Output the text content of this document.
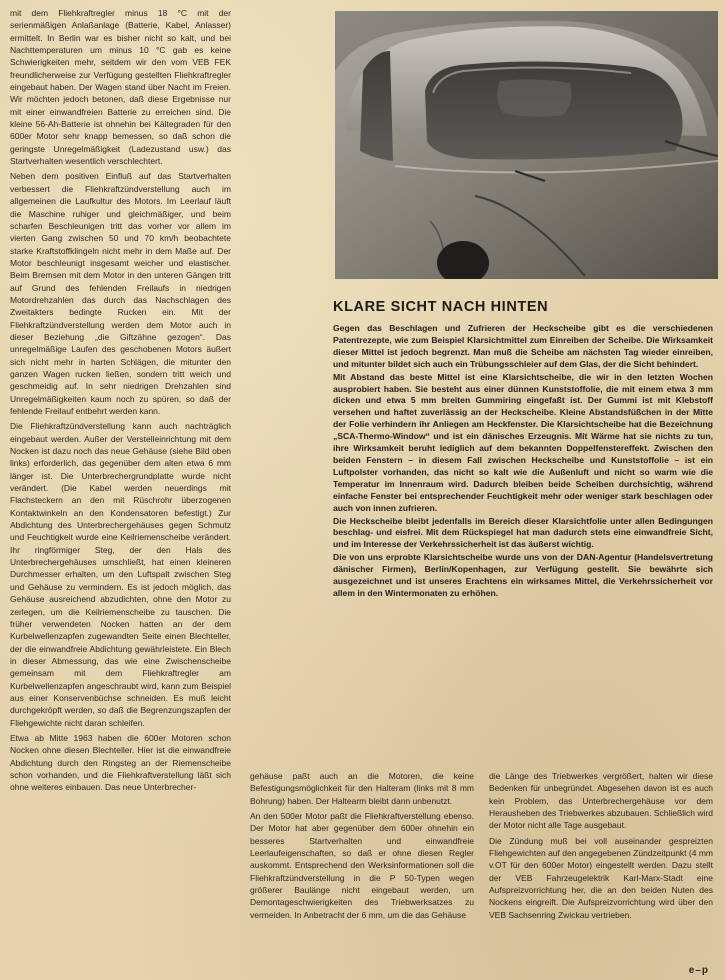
mit dem Fliehkraftregler minus 18 °C mit der serienmäßigen Anlaßanlage (Batterie, Kabel, Anlasser) ermittelt. In Berlin war es bisher nicht so kalt, und bei Nachttemperaturen um minus 10 °C gab es keine Schwierigkeiten mehr, seitdem wir den vom VEB FEK freundlicherweise zur Verfügung gestellten Fliehkraftregler eingebaut haben. Der Wagen stand über Nacht im Freien. Wir möchten jedoch betonen, daß diese Ergebnisse nur mit einer einwandfreien Batterie zu erreichen sind. Die kleine 56-Ah-Batterie ist ohnehin bei Kältegraden für den 600er Motor sehr knapp bemessen, so daß schon die geringste Unregelmäßigkeit (Ladezustand usw.) das Startverhalten wesentlich verschlechtert.

Neben dem positiven Einfluß auf das Startverhalten verbessert die Fliehkraftzündverstellung auch im allgemeinen die Laufkultur des Motors. Im Leerlauf läuft die Maschine ruhiger und gleichmäßiger, und beim scharfen Beschleunigen tritt das vorher vor allem im vierten Gang zwischen 50 und 70 km/h beobachtete starke Kraftstoffklingeln nicht mehr in dem Maße auf. Der Motor beschleunigt insgesamt weicher und elastischer. Beim Bremsen mit dem Motor in den unteren Gängen tritt auf Grund des fehlenden Freilaufs in niedrigen Motordrehzahlen das durch das Nachschlagen des Zweitakters bedingte Rucken ein. Mit der Fliehkraftzündverstellung werden dem Motor auch in dieser Beziehung „die Giftzähne gezogen“. Das unregelmäßige Laufen des geschobenen Motors äußert sich nicht mehr in harten Schlägen, die mitunter den ganzen Wagen rucken ließen, sondern tritt weich und geschmeidig auf. In sehr niedrigen Drehzahlen sind Unregelmäßigkeiten kaum noch zu spüren, so daß der fehlende Freilauf entbehrt werden kann.

Die Fliehkraftzündverstellung kann auch nachträglich eingebaut werden. Außer der Verstelleinrichtung mit dem Nocken ist dazu noch das neue Gehäuse (siehe Bild oben links) erforderlich, das gegenüber dem alten etwa 6 mm länger ist. Die Unterbrechergrundplatte wurde nicht verändert. (Die Kabel werden neuerdings mit Flachsteckern an den mit Rüschrohr überzogenen Kontaktwinkeln an den Kondensatoren befestigt.) Zur Abdichtung des Unterbrechergehäuses gegen Schmutz und Feuchtigkeit wurde eine Keilriemenscheibe verändert. Ihr ringförmiger Steg, der den Hals des Unterbrechergehäuses umschließt, hat einen kleineren Durchmesser erhalten, um den Luftspalt zwischen Steg und Gehäuse zu vermindern. Es ist jedoch möglich, das Gehäuse ausreichend abzudichten, ohne den Motor zu zerlegen, um die Keilriemenscheibe zu tauschen. Die früher verwendeten Nocken hatten an der dem Kurbelwellenzapfen zugewandten Seite einen Blechteller, der die einwandfreie Abdichtung gewährleistete. Ein Blech in dieser Abmessung, das wie eine Zwischenscheibe gemeinsam mit dem Fliehkraftregler am Kurbelwellenzapfen angeschraubt wird, kann zum Beispiel aus einer Konservenbüchse schneiden. Es muß leicht durchgekröpft werden, so daß die Begrenzungszapfen der Fliehgewichte nicht daran schleifen.

Etwa ab Mitte 1963 haben die 600er Motoren schon Nocken ohne diesen Blechteller. Hier ist die einwandfreie Abdichtung durch den Ringsteg an der Riemenscheibe schon vorhanden, und die Fliehkraftverstellung läßt sich ohne weiteres einbauen. Das neue Unterbrecher-

KLARE SICHT NACH HINTEN

Gegen das Beschlagen und Zufrieren der Heckscheibe gibt es die verschiedenen Patentrezepte, wie zum Beispiel Klarsichtmittel zum Einreiben der Scheibe. Die Wirksamkeit dieser Mittel ist jedoch begrenzt. Man muß die Scheibe am nächsten Tag wieder einreiben, und mitunter bildet sich auch ein Trübungsschleier auf dem Glas, der die Sicht behindert.

Mit Abstand das beste Mittel ist eine Klarsichtscheibe, die wir in den letzten Wochen ausprobiert haben. Sie besteht aus einer dünnen Kunststoffolie, die mit einem etwa 3 mm dicken und etwa 5 mm breiten Gummiring eingefaßt ist. Der Gummi ist mit Klebstoff versehen und haftet zuverlässig an der Heckscheibe. Kleine Abstandsfüßchen in der Mitte der Folie verhindern ihr Anliegen am Heckfenster. Die Klarsichtscheibe hat die Bezeichnung „SCA-Thermo-Window“ und ist ein dänisches Erzeugnis. Mit Wärme hat sie nichts zu tun, ihre Wirksamkeit beruht lediglich auf dem bekannten Doppelfenstereffekt. Zwischen den beiden Fenstern – in diesem Fall zwischen Heckscheibe und Kunststoffolie – ist ein Luftpolster vorhanden, das nicht so kalt wie die Außenluft und nicht so warm wie die Temperatur im Innenraum wird. Dadurch bleiben beide Scheiben durchsichtig, während einfache Fenster bei entsprechender Feuchtigkeit mehr oder weniger stark beschlagen oder auch von innen zufrieren.

Die Heckscheibe bleibt jedenfalls im Bereich dieser Klarsichtfolie unter allen Bedingungen beschlag- und eisfrei. Mit dem Rückspiegel hat man dadurch stets eine einwandfreie Sicht, und im Interesse der Verkehrssicherheit ist das äußerst wichtig.

Die von uns erprobte Klarsichtscheibe wurde uns von der DAN-Agentur (Handelsvertretung dänischer Firmen), Berlin/Kopenhagen, zur Verfügung gestellt. Sie bewährte sich ausgezeichnet und ist unseres Erachtens ein wirksames Mittel, die Verkehrssicherheit vor allem in den Wintermonaten zu erhöhen.

gehäuse paßt auch an die Motoren, die keine Befestigungsmöglichkeit für den Halteram (links mit 8 mm Bohrung) haben. Der Haltearm bleibt dann unbenutzt.

An den 500er Motor paßt die Fliehkraftverstellung ebenso. Der Motor hat aber gegenüber dem 600er ohnehin ein besseres Startverhalten und einwandfreie Leerlaufeigenschaften, so daß er ohne diesen Regler auskommt. Entsprechend den Werksinformationen soll die Fliehkraftzündverstellung in die P 50-Typen wegen größerer Baulänge nicht eingebaut werden, um Demontageschwierigkeiten des Triebwerksatzes zu vermeiden. In Anbetracht der 6 mm, um die das Gehäuse

die Länge des Triebwerkes vergrößert, halten wir diese Bedenken für unbegründet. Abgesehen davon ist es auch kein Problem, das Unterbrechergehäuse vor dem Herausheben des Triebwerkes abzubauen. Schließlich wird der Motor nicht alle Tage ausgebaut.

Die Zündung muß bei voll auseinander gespreizten Fliehgewichten auf den angegebenen Zündzeitpunkt (4 mm v.OT für den 600er Motor) eingestellt werden. Dazu stellt der VEB Fahrzeugelektrik Karl-Marx-Stadt eine Aufspreizvorrichtung her, die an den beiden Nuten des Nockens eingreift. Die Aufspreizvorrichtung wird über den VEB Sachsenring Zwickau vertrieben.

e–p
